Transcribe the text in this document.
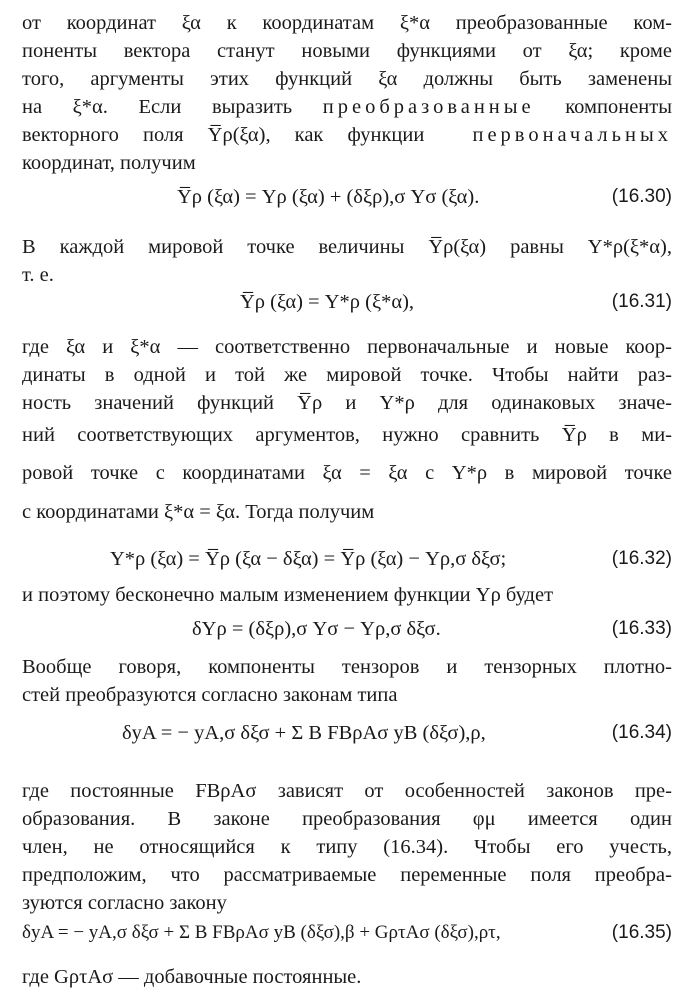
от координат ξα к координатам ξ*α преобразованные ком-
поненты вектора станут новыми функциями от ξα; кроме
того, аргументы этих функций ξα должны быть заменены
на ξ*α. Если выразить преобразованные компоненты
векторного поля Y̅ρ(ξα), как функции первоначальных
координат, получим
Y̅ρ (ξα) = Yρ (ξα) + (δξρ),σ Yσ (ξα).	(16.30)
В каждой мировой точке величины Y̅ρ(ξα) равны Y*ρ(ξ*α),
т. е.
Y̅ρ (ξα) = Y*ρ (ξ*α),	(16.31)
где ξα и ξ*α — соответственно первоначальные и новые коор-
динаты в одной и той же мировой точке. Чтобы найти раз-
ность значений функций Y̅ρ и Y*ρ для одинаковых значе-
ний соответствующих аргументов, нужно сравнить Y̅ρ в ми-
ровой точке с координатами ξα = ξα с Y*ρ в мировой точке
с координатами ξ*α = ξα. Тогда получим
Y*ρ (ξα) = Y̅ρ (ξα − δξα) = Y̅ρ (ξα) − Yρ,σ δξσ;	(16.32)
и поэтому бесконечно малым изменением функции Yρ будет
δYρ = (δξρ),σ Yσ − Yρ,σ δξσ.	(16.33)
Вообще говоря, компоненты тензоров и тензорных плотно-
стей преобразуются согласно законам типа
δyA = − yA,σ δξσ + Σ B FBρAσ yB (δξσ),ρ,	(16.34)
где постоянные FBρAσ зависят от особенностей законов пре-
образования. В законе преобразования φμ имеется один
член, не относящийся к типу (16.34). Чтобы его учесть,
предположим, что рассматриваемые переменные поля преобра-
зуются согласно закону
δyA = − yA,σ δξσ + Σ B FBρAσ yB (δξσ),β + GρτAσ (δξσ),ρτ,	(16.35)
где GρτAσ — добавочные постоянные.
